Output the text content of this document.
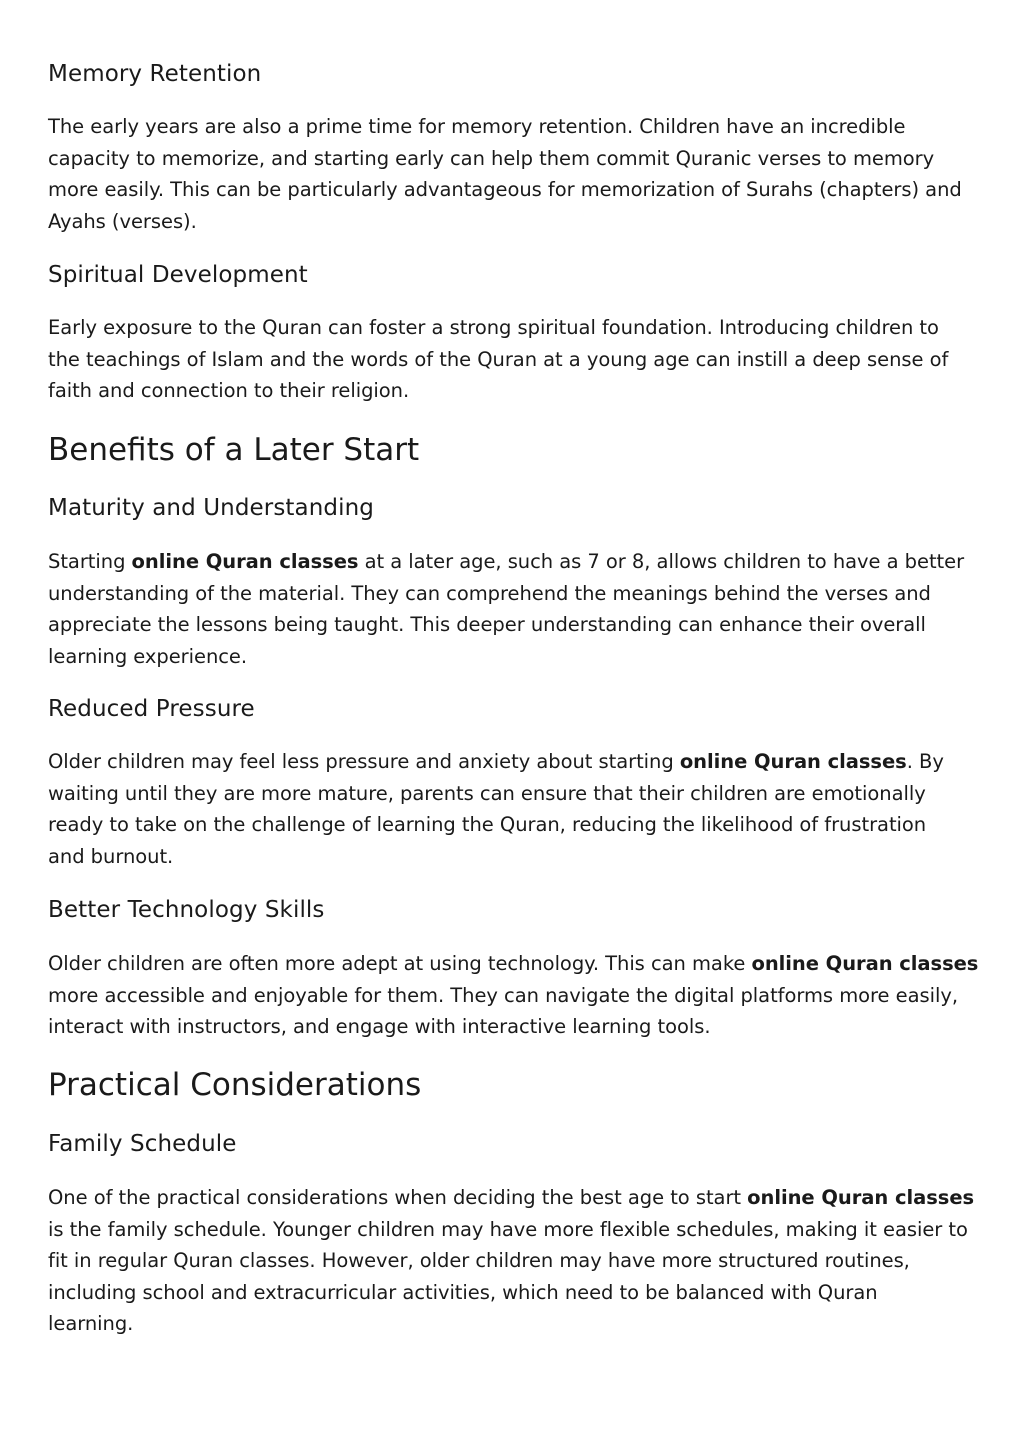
Memory Retention
The early years are also a prime time for memory retention. Children have an incredible
capacity to memorize, and starting early can help them commit Quranic verses to memory
more easily. This can be particularly advantageous for memorization of Surahs (chapters) and
Ayahs (verses).
Spiritual Development
Early exposure to the Quran can foster a strong spiritual foundation. Introducing children to
the teachings of Islam and the words of the Quran at a young age can instill a deep sense of
faith and connection to their religion.
Benefits of a Later Start
Maturity and Understanding
Starting online Quran classes at a later age, such as 7 or 8, allows children to have a better
understanding of the material. They can comprehend the meanings behind the verses and
appreciate the lessons being taught. This deeper understanding can enhance their overall
learning experience.
Reduced Pressure
Older children may feel less pressure and anxiety about starting online Quran classes. By
waiting until they are more mature, parents can ensure that their children are emotionally
ready to take on the challenge of learning the Quran, reducing the likelihood of frustration
and burnout.
Better Technology Skills
Older children are often more adept at using technology. This can make online Quran classes
more accessible and enjoyable for them. They can navigate the digital platforms more easily,
interact with instructors, and engage with interactive learning tools.
Practical Considerations
Family Schedule
One of the practical considerations when deciding the best age to start online Quran classes
is the family schedule. Younger children may have more flexible schedules, making it easier to
fit in regular Quran classes. However, older children may have more structured routines,
including school and extracurricular activities, which need to be balanced with Quran
learning.
